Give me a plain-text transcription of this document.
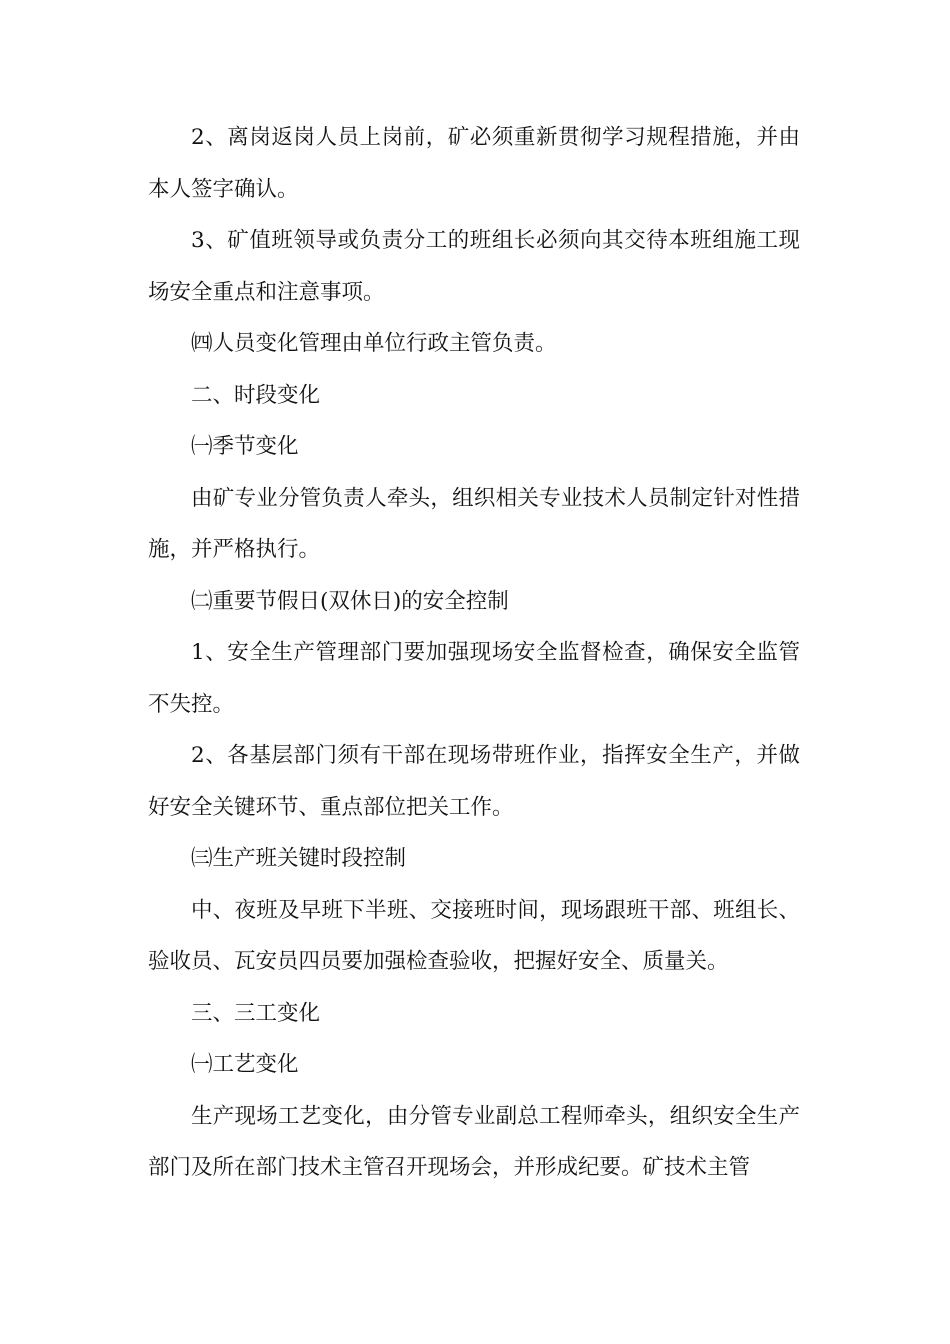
2、离岗返岗人员上岗前，矿必须重新贯彻学习规程措施，并由本人签字确认。

3、矿值班领导或负责分工的班组长必须向其交待本班组施工现场安全重点和注意事项。

㈣人员变化管理由单位行政主管负责。

二、时段变化

㈠季节变化

由矿专业分管负责人牵头，组织相关专业技术人员制定针对性措施，并严格执行。

㈡重要节假日(双休日)的安全控制

1、安全生产管理部门要加强现场安全监督检查，确保安全监管不失控。

2、各基层部门须有干部在现场带班作业，指挥安全生产，并做好安全关键环节、重点部位把关工作。

㈢生产班关键时段控制

中、夜班及早班下半班、交接班时间，现场跟班干部、班组长、验收员、瓦安员四员要加强检查验收，把握好安全、质量关。

三、三工变化

㈠工艺变化

生产现场工艺变化，由分管专业副总工程师牵头，组织安全生产部门及所在部门技术主管召开现场会，并形成纪要。矿技术主管
